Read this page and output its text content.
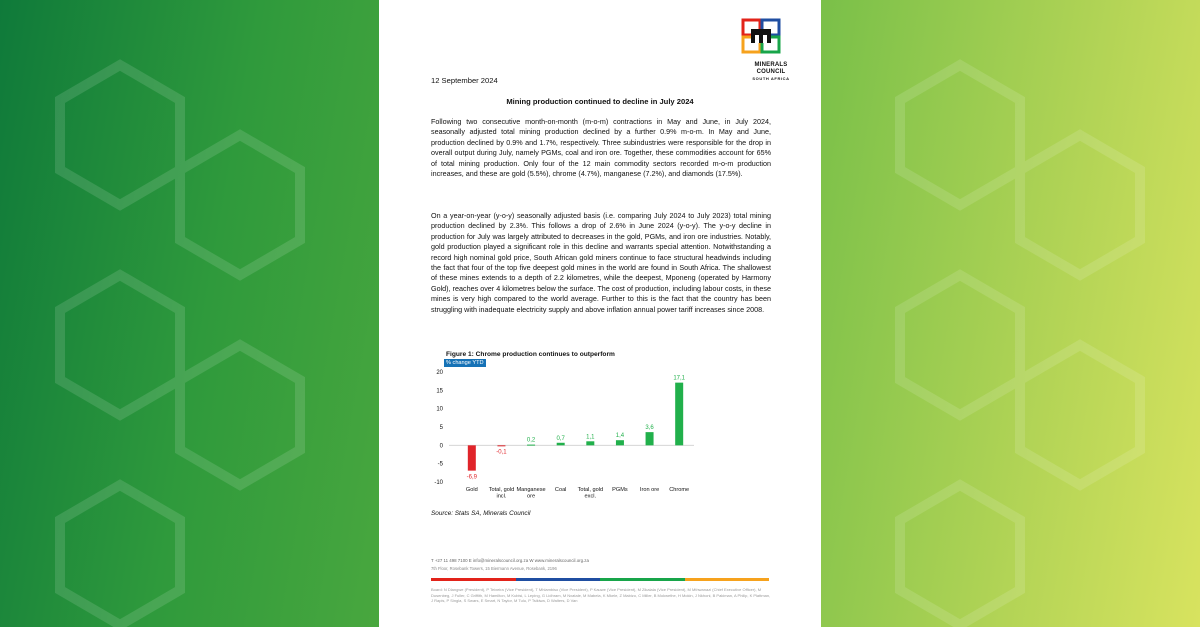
MINERALS COUNCIL
SOUTH AFRICA
12 September 2024
Mining production continued to decline in July 2024

Following two consecutive month-on-month (m-o-m) contractions in May and June, in July 2024, seasonally adjusted total mining production declined by a further 0.9% m-o-m. In May and June, production declined by 0.9% and 1.7%, respectively. Three subindustries were responsible for the drop in overall output during July, namely PGMs, coal and iron ore. Together, these commodities account for 65% of total mining production. Only four of the 12 main commodity sectors recorded m-o-m production increases, and these are gold (5.5%), chrome (4.7%), manganese (7.2%), and diamonds (17.5%).

On a year-on-year (y-o-y) seasonally adjusted basis (i.e. comparing July 2024 to July 2023) total mining production declined by 2.3%. This follows a drop of 2.6% in June 2024 (y-o-y). The y-o-y decline in production for July was largely attributed to decreases in the gold, PGMs, and iron ore industries. Notably, gold production played a significant role in this decline and warrants special attention. Notwithstanding a record high nominal gold price, South African gold miners continue to face structural headwinds including the fact that four of the top five deepest gold mines in the world are found in South Africa. The shallowest of these mines extends to a depth of 2.2 kilometres, while the deepest, Mponeng (operated by Harmony Gold), reaches over 4 kilometres below the surface. The cost of production, including labour costs, in these mines is very high compared to the world average. Further to this is the fact that the country has been struggling with inadequate electricity supply and above inflation annual power tariff increases since 2008.

Figure 1: Chrome production continues to outperform
% change YTD
20
15
10
5
0
-5
-10
-6,9
Gold
-0,1
Total, gold incl.
0,2
Manganese ore
0,7
Coal
1,1
Total, gold excl.
1,4
PGMs
3,6
Iron ore
17,1
Chrome
Source: Stats SA, Minerals Council
T +27 11 498 7100 E info@mineralscouncil.org.za W www.mineralscouncil.org.za
7th Floor, Rosebank Towers, 15 Biermann Avenue, Rosebank, 2196
Board: N Dlangwe (President), P Teixeira (Vice President), T Mhlambiso (Vice President), P Kauwe (Vice President), M Zikalala (Vice President), M Mthwanazi (Chief Executive Officer), M Dusenbeg, J Fuller, C Griffith, M Hamilton, M Kubisi, L Leping, G Lidhram, M Nxatale, M Mabela, K Mkele, Z Mabizo, C Miller, B Mokwethe, H Mokin, J Nkhoni, B Pakiman, A Philip, K Plattman, J Rapis, P Singla, S Swars, E Smart, N Taylor, M Tulu, P Tsikiwa, D Walters, D Van
